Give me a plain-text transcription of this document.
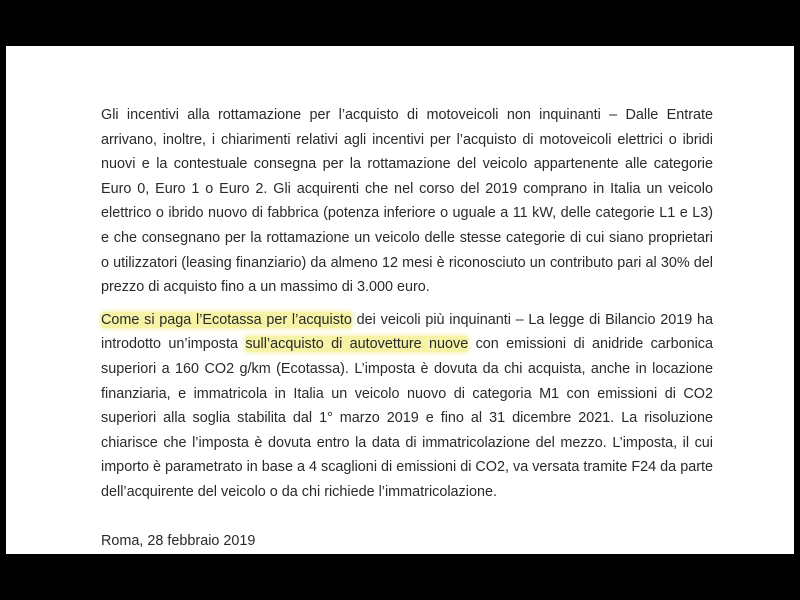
Gli incentivi alla rottamazione per l’acquisto di motoveicoli non inquinanti – Dalle Entrate arrivano, inoltre, i chiarimenti relativi agli incentivi per l’acquisto di motoveicoli elettrici o ibridi nuovi e la contestuale consegna per la rottamazione del veicolo appartenente alle categorie Euro 0, Euro 1 o Euro 2. Gli acquirenti che nel corso del 2019 comprano in Italia un veicolo elettrico o ibrido nuovo di fabbrica (potenza inferiore o uguale a 11 kW, delle categorie L1 e L3) e che consegnano per la rottamazione un veicolo delle stesse categorie di cui siano proprietari o utilizzatori (leasing finanziario) da almeno 12 mesi è riconosciuto un contributo pari al 30% del prezzo di acquisto fino a un massimo di 3.000 euro.

Come si paga l’Ecotassa per l’acquisto dei veicoli più inquinanti – La legge di Bilancio 2019 ha introdotto un’imposta sull’acquisto di autovetture nuove con emissioni di anidride carbonica superiori a 160 CO2 g/km (Ecotassa). L’imposta è dovuta da chi acquista, anche in locazione finanziaria, e immatricola in Italia un veicolo nuovo di categoria M1 con emissioni di CO2 superiori alla soglia stabilita dal 1° marzo 2019 e fino al 31 dicembre 2021. La risoluzione chiarisce che l’imposta è dovuta entro la data di immatricolazione del mezzo. L’imposta, il cui importo è parametrato in base a 4 scaglioni di emissioni di CO2, va versata tramite F24 da parte dell’acquirente del veicolo o da chi richiede l’immatricolazione.

Roma, 28 febbraio 2019
